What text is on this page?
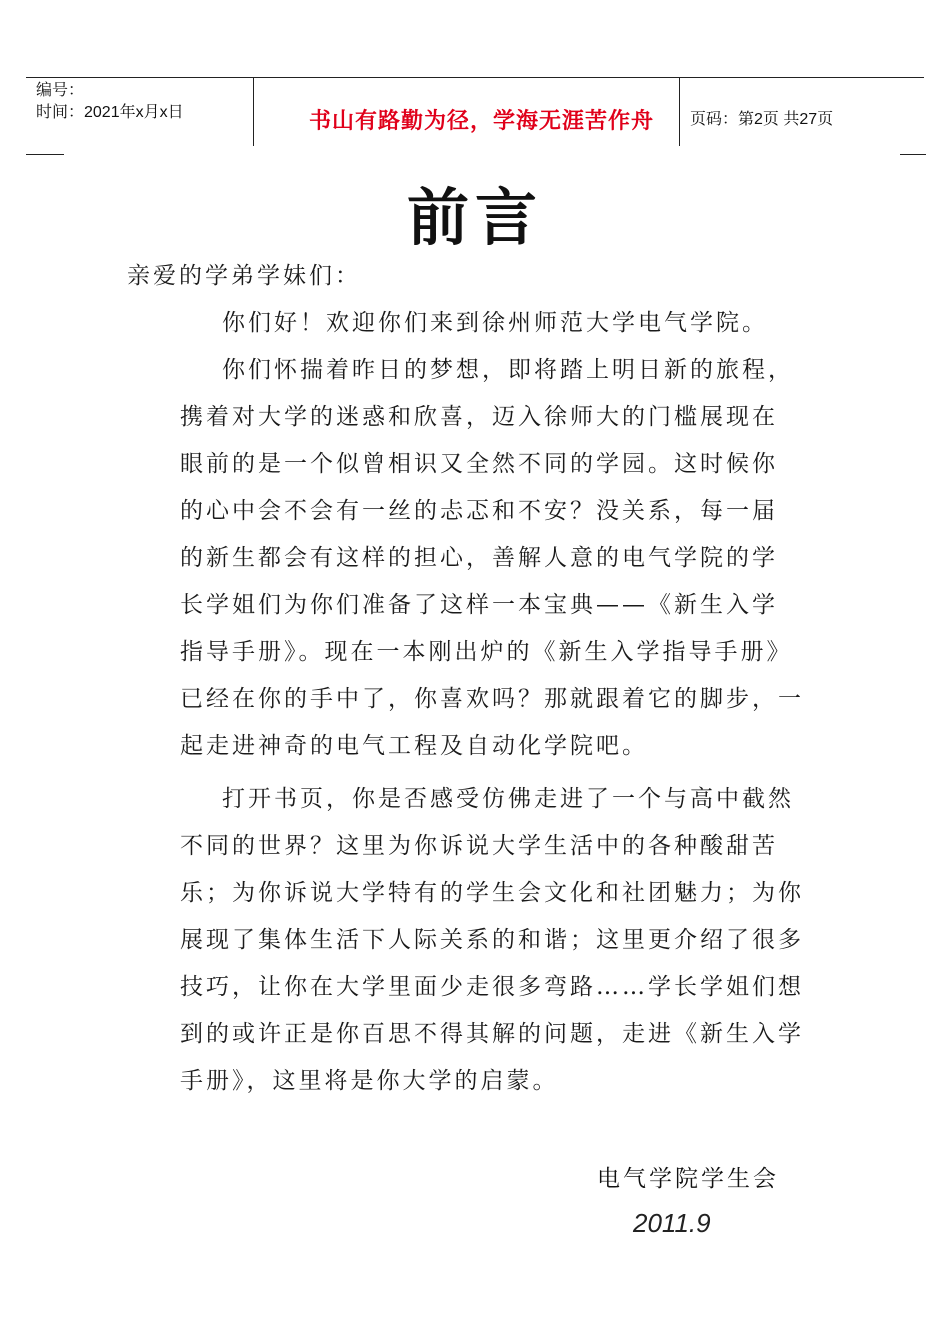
编号：
时间：2021年x月x日	书山有路勤为径，学海无涯苦作舟	页码：第2页 共27页
前言
亲爱的学弟学妹们：
你们好！欢迎你们来到徐州师范大学电气学院。
你们怀揣着昨日的梦想，即将踏上明日新的旅程，
携着对大学的迷惑和欣喜，迈入徐师大的门槛展现在
眼前的是一个似曾相识又全然不同的学园。这时候你
的心中会不会有一丝的忐忑和不安？没关系，每一届
的新生都会有这样的担心，善解人意的电气学院的学
长学姐们为你们准备了这样一本宝典——《新生入学
指导手册》。现在一本刚出炉的《新生入学指导手册》
已经在你的手中了，你喜欢吗？那就跟着它的脚步，一
起走进神奇的电气工程及自动化学院吧。
打开书页，你是否感受仿佛走进了一个与高中截然
不同的世界？这里为你诉说大学生活中的各种酸甜苦
乐；为你诉说大学特有的学生会文化和社团魅力；为你
展现了集体生活下人际关系的和谐；这里更介绍了很多
技巧，让你在大学里面少走很多弯路……学长学姐们想
到的或许正是你百思不得其解的问题，走进《新生入学
手册》，这里将是你大学的启蒙。
电气学院学生会
2011.9
